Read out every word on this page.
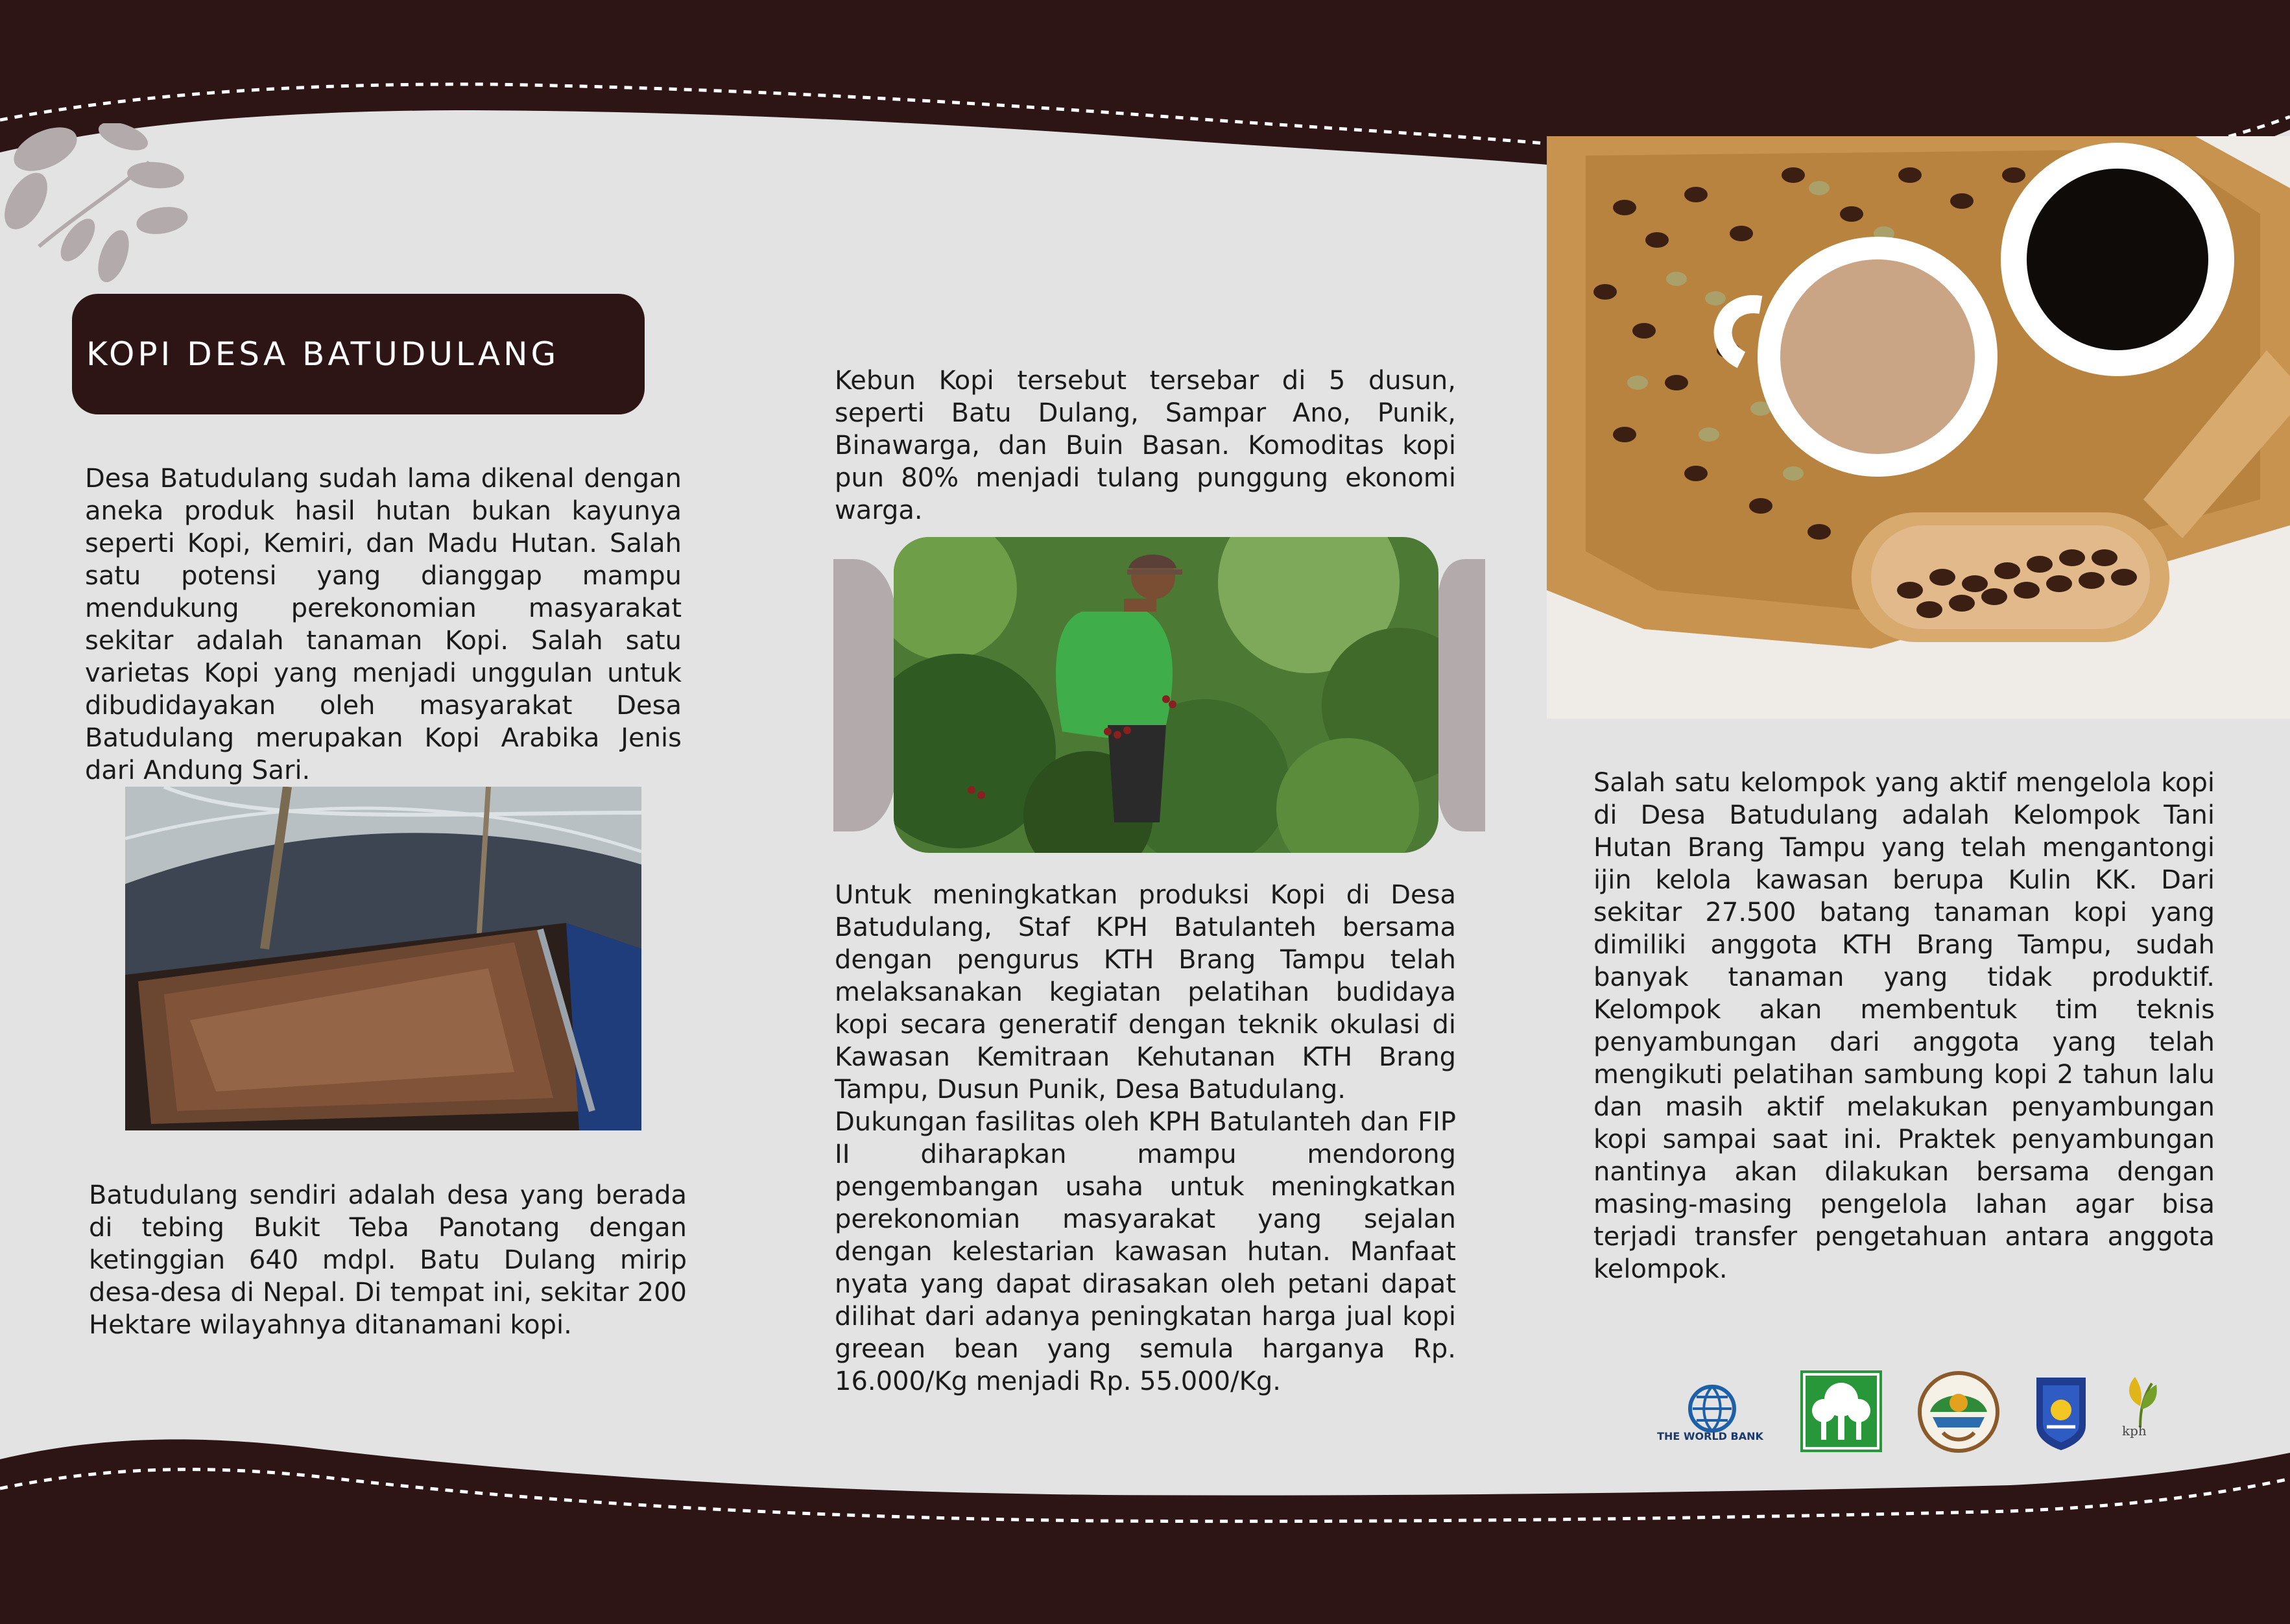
KOPI DESA BATUDULANG

Desa Batudulang sudah lama dikenal dengan aneka produk hasil hutan bukan kayunya seperti Kopi, Kemiri, dan Madu Hutan. Salah satu potensi yang dianggap mampu mendukung perekonomian masyarakat sekitar adalah tanaman Kopi. Salah satu varietas Kopi yang menjadi unggulan untuk dibudidayakan oleh masyarakat Desa Batudulang merupakan Kopi Arabika Jenis dari Andung Sari.

Batudulang sendiri adalah desa yang berada di tebing Bukit Teba Panotang dengan ketinggian 640 mdpl. Batu Dulang mirip desa-desa di Nepal. Di tempat ini, sekitar 200 Hektare wilayahnya ditanamani kopi.

Kebun Kopi tersebut tersebar di 5 dusun, seperti Batu Dulang, Sampar Ano, Punik, Binawarga, dan Buin Basan. Komoditas kopi pun 80% menjadi tulang punggung ekonomi warga.

Untuk meningkatkan produksi Kopi di Desa Batudulang, Staf KPH Batulanteh bersama dengan pengurus KTH Brang Tampu telah melaksanakan kegiatan pelatihan budidaya kopi secara generatif dengan teknik okulasi di Kawasan Kemitraan Kehutanan KTH Brang Tampu, Dusun Punik, Desa Batudulang.

Dukungan fasilitas oleh KPH Batulanteh dan FIP II diharapkan mampu mendorong pengembangan usaha untuk meningkatkan perekonomian masyarakat yang sejalan dengan kelestarian kawasan hutan. Manfaat nyata yang dapat dirasakan oleh petani dapat dilihat dari adanya peningkatan harga jual kopi greean bean yang semula harganya Rp. 16.000/Kg menjadi Rp. 55.000/Kg.

Salah satu kelompok yang aktif mengelola kopi di Desa Batudulang adalah Kelompok Tani Hutan Brang Tampu yang telah mengantongi ijin kelola kawasan berupa Kulin KK. Dari sekitar 27.500 batang tanaman kopi yang dimiliki anggota KTH Brang Tampu, sudah banyak tanaman yang tidak produktif. Kelompok akan membentuk tim teknis penyambungan dari anggota yang telah mengikuti pelatihan sambung kopi 2 tahun lalu dan masih aktif melakukan penyambungan kopi sampai saat ini. Praktek penyambungan nantinya akan dilakukan bersama dengan masing-masing pengelola lahan agar bisa terjadi transfer pengetahuan antara anggota kelompok.

THE WORLD BANK	kph
